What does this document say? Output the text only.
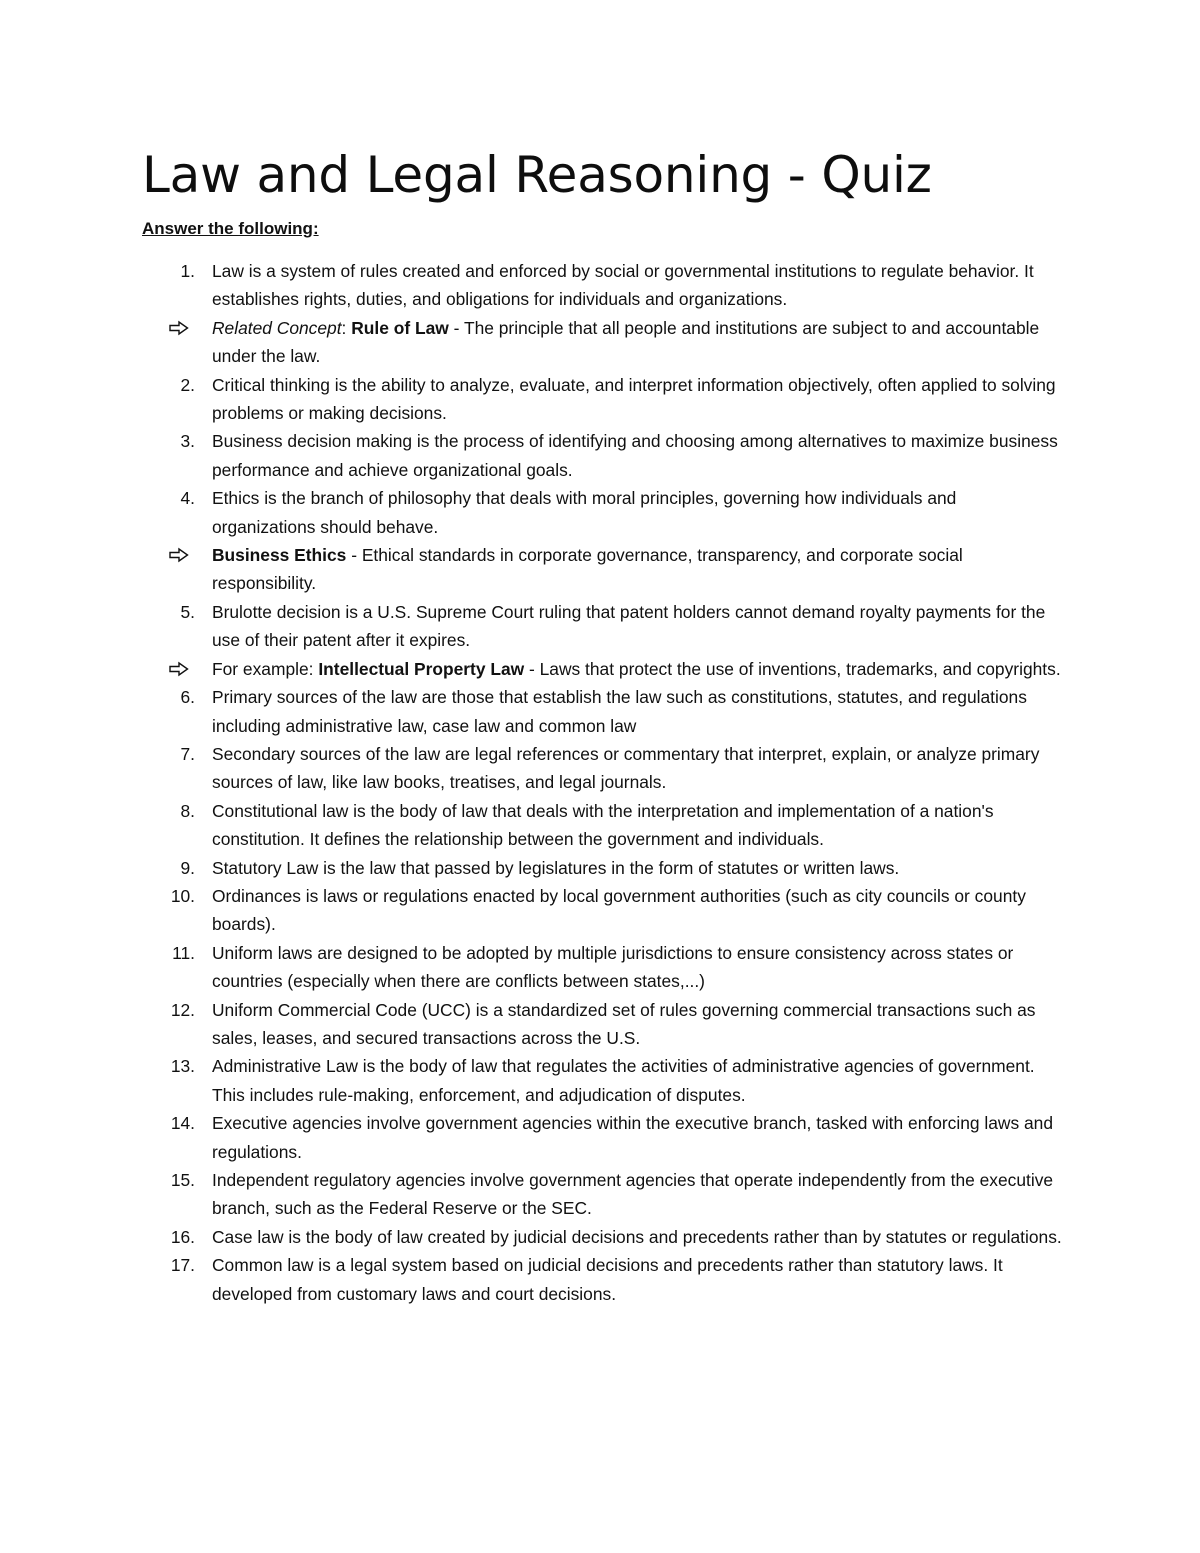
Law and Legal Reasoning - Quiz
Answer the following:
1. Law is a system of rules created and enforced by social or governmental institutions to regulate behavior. It establishes rights, duties, and obligations for individuals and organizations.
Related Concept: Rule of Law - The principle that all people and institutions are subject to and accountable under the law.
2. Critical thinking is the ability to analyze, evaluate, and interpret information objectively, often applied to solving problems or making decisions.
3. Business decision making is the process of identifying and choosing among alternatives to maximize business performance and achieve organizational goals.
4. Ethics is the branch of philosophy that deals with moral principles, governing how individuals and organizations should behave.
Business Ethics - Ethical standards in corporate governance, transparency, and corporate social responsibility.
5. Brulotte decision is a U.S. Supreme Court ruling that patent holders cannot demand royalty payments for the use of their patent after it expires.
For example: Intellectual Property Law - Laws that protect the use of inventions, trademarks, and copyrights.
6. Primary sources of the law are those that establish the law such as constitutions, statutes, and regulations including administrative law, case law and common law
7. Secondary sources of the law are legal references or commentary that interpret, explain, or analyze primary sources of law, like law books, treatises, and legal journals.
8. Constitutional law is the body of law that deals with the interpretation and implementation of a nation's constitution. It defines the relationship between the government and individuals.
9. Statutory Law is the law that passed by legislatures in the form of statutes or written laws.
10. Ordinances is laws or regulations enacted by local government authorities (such as city councils or county boards).
11. Uniform laws are designed to be adopted by multiple jurisdictions to ensure consistency across states or countries (especially when there are conflicts between states,...)
12. Uniform Commercial Code (UCC) is a standardized set of rules governing commercial transactions such as sales, leases, and secured transactions across the U.S.
13. Administrative Law is the body of law that regulates the activities of administrative agencies of government. This includes rule-making, enforcement, and adjudication of disputes.
14. Executive agencies involve government agencies within the executive branch, tasked with enforcing laws and regulations.
15. Independent regulatory agencies involve government agencies that operate independently from the executive branch, such as the Federal Reserve or the SEC.
16. Case law is the body of law created by judicial decisions and precedents rather than by statutes or regulations.
17. Common law is a legal system based on judicial decisions and precedents rather than statutory laws. It developed from customary laws and court decisions.
